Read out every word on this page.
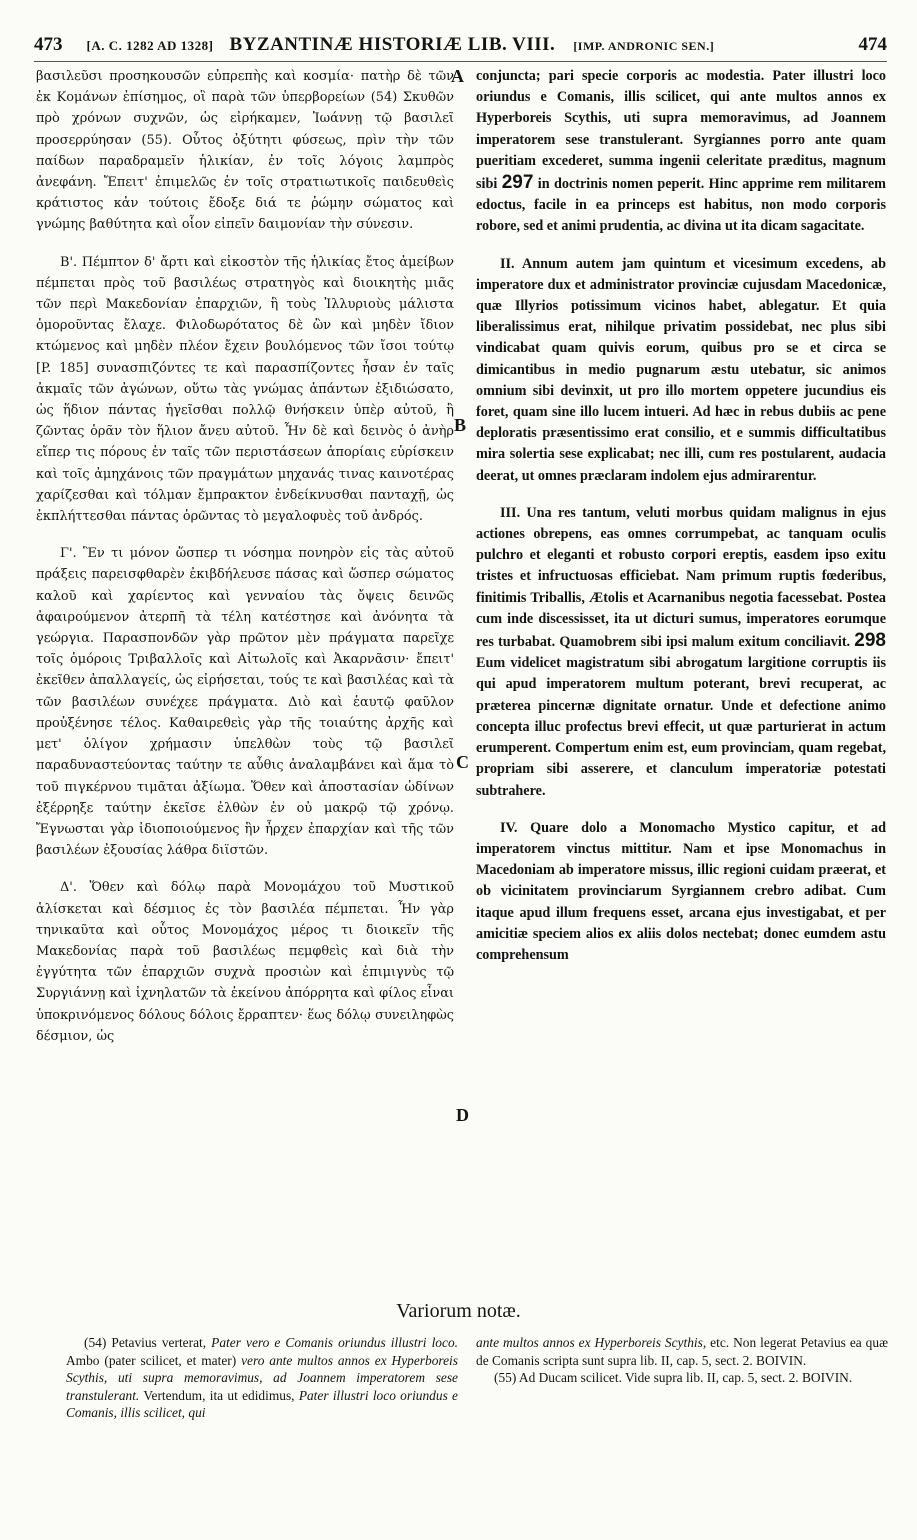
473 [A. C. 1282 AD 1328] BYZANTINÆ HISTORIÆ LIB. VIII. [IMP. ANDRONIC SEN.]	474
A
B
C
D

βασιλεῦσι προσηκουσῶν εὐπρεπὴς καὶ κοσμία· πατὴρ δὲ τῶν ἐκ Κομάνων ἐπίσημος, οἳ παρὰ τῶν ὑπερβορείων (54) Σκυθῶν πρὸ χρόνων συχνῶν, ὡς εἰρήκαμεν, Ἰωάννῃ τῷ βασιλεῖ προσερρύησαν (55). Οὗτος ὀξύτητι φύσεως, πρὶν τὴν τῶν παίδων παραδραμεῖν ἡλικίαν, ἐν τοῖς λόγοις λαμπρὸς ἀνεφάνη. Ἔπειτ' ἐπιμελῶς ἐν τοῖς στρατιωτικοῖς παιδευθεὶς κράτιστος κἀν τούτοις ἔδοξε διά τε ῥώμην σώματος καὶ γνώμης βαθύτητα καὶ οἷον εἰπεῖν δαιμονίαν τὴν σύνεσιν.

Β'. Πέμπτον δ' ἄρτι καὶ εἰκοστὸν τῆς ἡλικίας ἔτος ἀμείβων πέμπεται πρὸς τοῦ βασιλέως στρατηγὸς καὶ διοικητὴς μιᾶς τῶν περὶ Μακεδονίαν ἐπαρχιῶν, ἣ τοὺς Ἰλλυριοὺς μάλιστα ὁμοροῦντας ἔλαχε. Φιλοδωρότατος δὲ ὢν καὶ μηδὲν ἴδιον κτώμενος καὶ μηδὲν πλέον ἔχειν βουλόμενος τῶν ἴσοι τούτῳ [P. 185] συνασπιζόντες τε καὶ παρασπίζοντες ἦσαν ἐν ταῖς ἀκμαῖς τῶν ἀγώνων, οὕτω τὰς γνώμας ἁπάντων ἐξιδιώσατο, ὡς ἥδιον πάντας ἡγεῖσθαι πολλῷ θνήσκειν ὑπὲρ αὐτοῦ, ἢ ζῶντας ὁρᾶν τὸν ἥλιον ἄνευ αὐτοῦ. Ἦν δὲ καὶ δεινὸς ὁ ἀνὴρ εἴπερ τις πόρους ἐν ταῖς τῶν περιστάσεων ἀπορίαις εὑρίσκειν καὶ τοῖς ἀμηχάνοις τῶν πραγμάτων μηχανάς τινας καινοτέρας χαρίζεσθαι καὶ τόλμαν ἔμπρακτον ἐνδείκνυσθαι πανταχῇ, ὡς ἐκπλήττεσθαι πάντας ὁρῶντας τὸ μεγαλοφυὲς τοῦ ἀνδρός.

Γ'. Ἓν τι μόνον ὥσπερ τι νόσημα πονηρὸν εἰς τὰς αὐτοῦ πράξεις παρεισφθαρὲν ἐκιβδήλευσε πάσας καὶ ὥσπερ σώματος καλοῦ καὶ χαρίεντος καὶ γενναίου τὰς ὄψεις δεινῶς ἀφαιρούμενον ἀτερπῆ τὰ τέλη κατέστησε καὶ ἀνόνητα τὰ γεώργια. Παρασπονδῶν γὰρ πρῶτον μὲν πράγματα παρεῖχε τοῖς ὁμόροις Τριβαλλοῖς καὶ Αἰτωλοῖς καὶ Ἀκαρνᾶσιν· ἔπειτ' ἐκεῖθεν ἀπαλλαγείς, ὡς εἰρήσεται, τούς τε καὶ βασιλέας καὶ τὰ τῶν βασιλέων συνέχεε πράγματα. Διὸ καὶ ἑαυτῷ φαῦλον προὐξένησε τέλος. Καθαιρεθεὶς γὰρ τῆς τοιαύτης ἀρχῆς καὶ μετ' ὀλίγον χρήμασιν ὑπελθὼν τοὺς τῷ βασιλεῖ παραδυναστεύοντας ταύτην τε αὖθις ἀναλαμβάνει καὶ ἅμα τὸ τοῦ πιγκέρνου τιμᾶται ἀξίωμα. Ὅθεν καὶ ἀποστασίαν ὠδίνων ἐξέρρηξε ταύτην ἐκεῖσε ἐλθὼν ἐν οὐ μακρῷ τῷ χρόνῳ. Ἔγνωσται γὰρ ἰδιοποιούμενος ἣν ἦρχεν ἐπαρχίαν καὶ τῆς τῶν βασιλέων ἐξουσίας λάθρα διϊστῶν.

Δ'. Ὅθεν καὶ δόλῳ παρὰ Μονομάχου τοῦ Μυστικοῦ ἁλίσκεται καὶ δέσμιος ἐς τὸν βασιλέα πέμπεται. Ἦν γὰρ τηνικαῦτα καὶ οὗτος Μονομάχος μέρος τι διοικεῖν τῆς Μακεδονίας παρὰ τοῦ βασιλέως πεμφθεὶς καὶ διὰ τὴν ἐγγύτητα τῶν ἐπαρχιῶν συχνὰ προσιὼν καὶ ἐπιμιγνὺς τῷ Συργιάννῃ καὶ ἰχνηλατῶν τὰ ἐκείνου ἀπόρρητα καὶ φίλος εἶναι ὑποκρινόμενος δόλους δόλοις ἔρραπτεν· ἕως δόλῳ συνειληφὼς δέσμιον, ὡς

conjuncta; pari specie corporis ac modestia. Pater illustri loco oriundus e Comanis, illis scilicet, qui ante multos annos ex Hyperboreis Scythis, uti supra memoravimus, ad Joannem imperatorem sese transtulerant. Syrgiannes porro ante quam pueritiam excederet, summa ingenii celeritate præditus, magnum sibi 297 in doctrinis nomen peperit. Hinc apprime rem militarem edoctus, facile in ea princeps est habitus, non modo corporis robore, sed et animi prudentia, ac divina ut ita dicam sagacitate.

II. Annum autem jam quintum et vicesimum excedens, ab imperatore dux et administrator provinciæ cujusdam Macedonicæ, quæ Illyrios potissimum vicinos habet, ablegatur. Et quia liberalissimus erat, nihilque privatim possidebat, nec plus sibi vindicabat quam quivis eorum, quibus pro se et circa se dimicantibus in medio pugnarum æstu utebatur, sic animos omnium sibi devinxit, ut pro illo mortem oppetere jucundius eis foret, quam sine illo lucem intueri. Ad hæc in rebus dubiis ac pene deploratis præsentissimo erat consilio, et e summis difficultatibus mira solertia sese explicabat; nec illi, cum res postularent, audacia deerat, ut omnes præclaram indolem ejus admirarentur.

III. Una res tantum, veluti morbus quidam malignus in ejus actiones obrepens, eas omnes corrumpebat, ac tanquam oculis pulchro et eleganti et robusto corpori ereptis, easdem ipso exitu tristes et infructuosas efficiebat. Nam primum ruptis fœderibus, finitimis Triballis, Ætolis et Acarnanibus negotia facessebat. Postea cum inde discessisset, ita ut dicturi sumus, imperatores eorumque res turbabat. Quamobrem sibi ipsi malum exitum conciliavit. 298 Eum videlicet magistratum sibi abrogatum largitione corruptis iis qui apud imperatorem multum poterant, brevi recuperat, ac præterea pincernæ dignitate ornatur. Unde et defectione animo concepta illuc profectus brevi effecit, ut quæ parturierat in actum erumperent. Compertum enim est, eum provinciam, quam regebat, propriam sibi asserere, et clanculum imperatoriæ potestati subtrahere.

IV. Quare dolo a Monomacho Mystico capitur, et ad imperatorem vinctus mittitur. Nam et ipse Monomachus in Macedoniam ab imperatore missus, illic regioni cuidam præerat, et ob vicinitatem provinciarum Syrgiannem crebro adibat. Cum itaque apud illum frequens esset, arcana ejus investigabat, et per amicitiæ speciem alios ex aliis dolos nectebat; donec eumdem astu comprehensum

Variorum notæ.

(54) Petavius verterat, Pater vero e Comanis oriundus illustri loco. Ambo (pater scilicet, et mater) vero ante multos annos ex Hyperboreis Scythis, uti supra memoravimus, ad Joannem imperatorem sese transtulerant. Vertendum, ita ut edidimus, Pater illustri loco oriundus e Comanis, illis scilicet, qui

ante multos annos ex Hyperboreis Scythis, etc. Non legerat Petavius ea quæ de Comanis scripta sunt supra lib. II, cap. 5, sect. 2. BOIVIN.

(55) Ad Ducam scilicet. Vide supra lib. II, cap. 5, sect. 2. BOIVIN.
